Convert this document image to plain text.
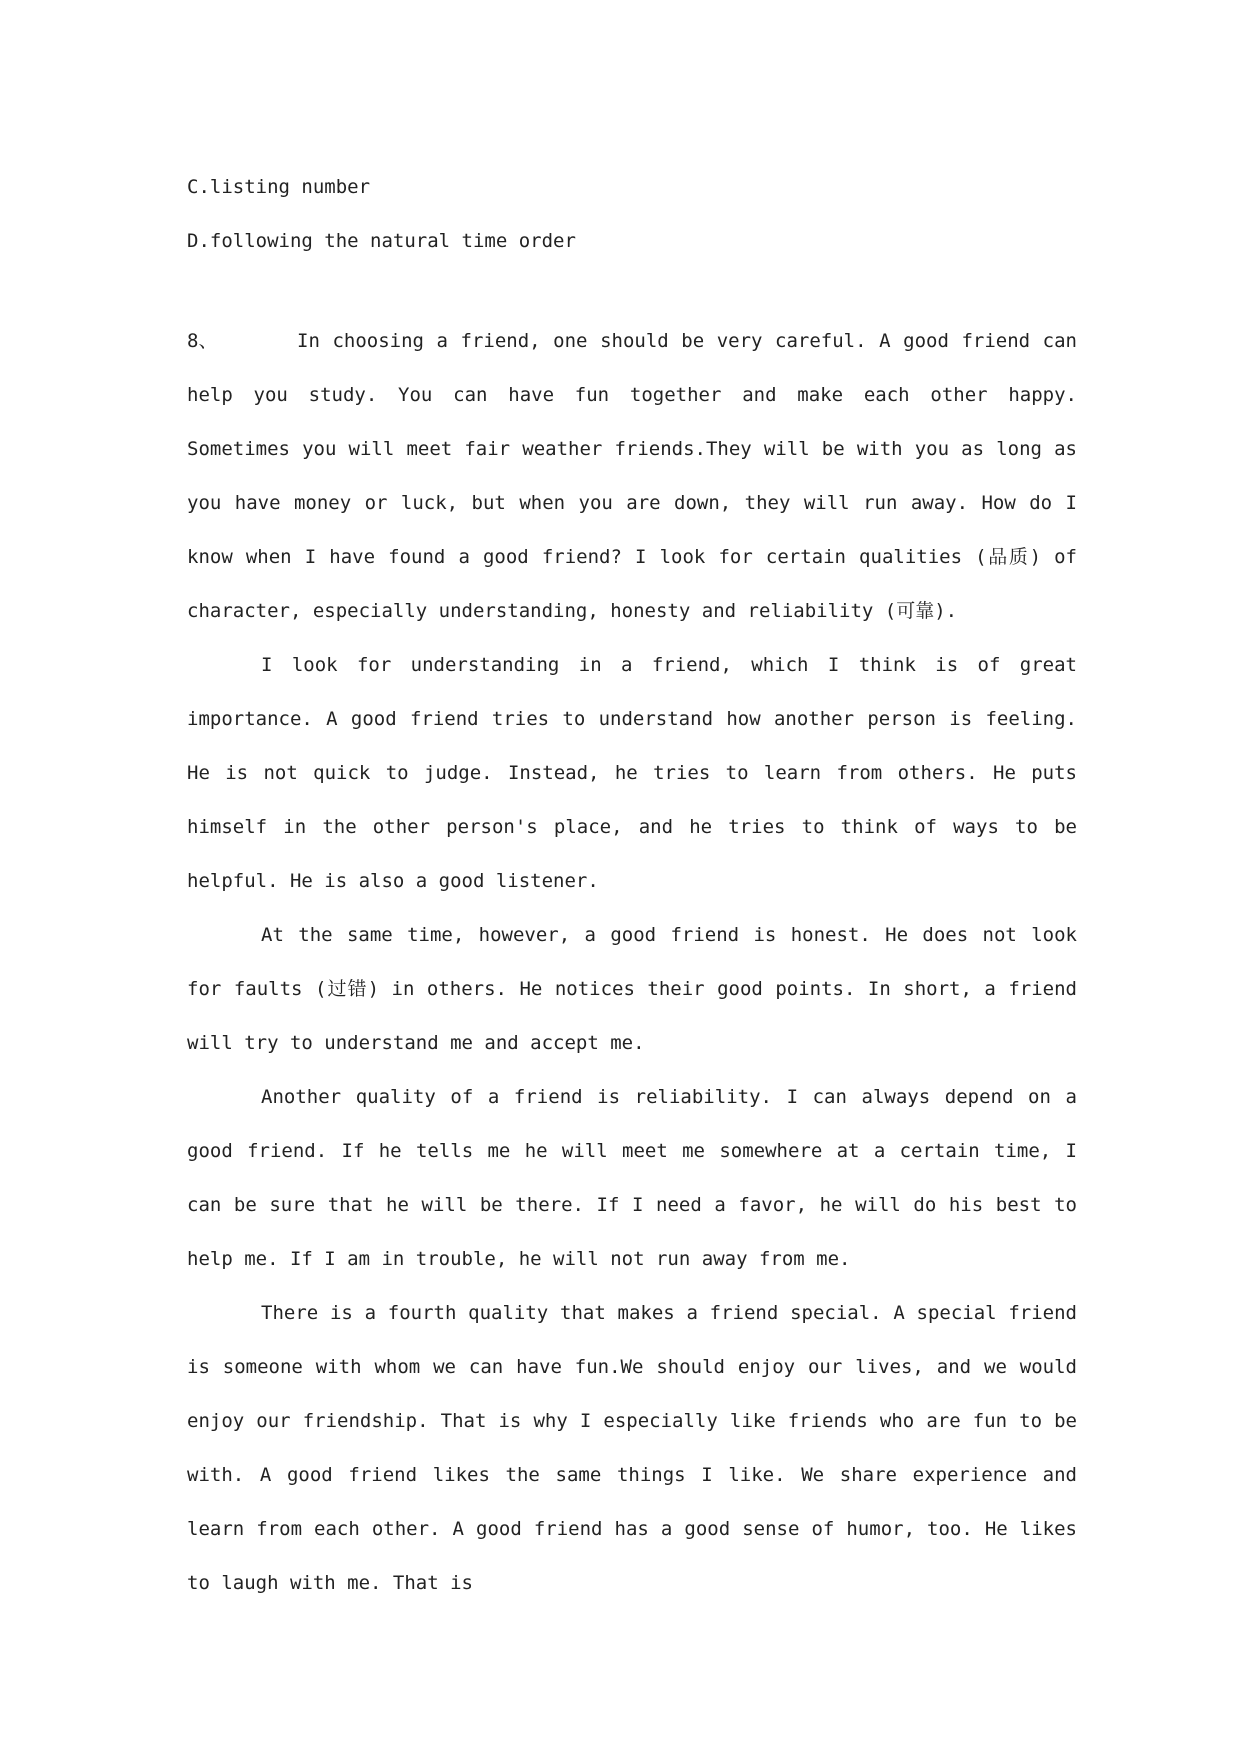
C.listing number

D.following the natural time order

8、	In choosing a friend, one should be very careful. A good friend can help you study. You can have fun together and make each other happy. Sometimes you will meet fair weather friends.They will be with you as long as you have money or luck, but when you are down, they will run away. How do I know when I have found a good friend? I look for certain qualities (品质) of character, especially understanding, honesty and reliability (可靠).

I look for understanding in a friend, which I think is of great importance. A good friend tries to understand how another person is feeling. He is not quick to judge. Instead, he tries to learn from others. He puts himself in the other person's place, and he tries to think of ways to be helpful. He is also a good listener.

At the same time, however, a good friend is honest. He does not look for faults (过错) in others. He notices their good points. In short, a friend will try to understand me and accept me.

Another quality of a friend is reliability. I can always depend on a good friend. If he tells me he will meet me somewhere at a certain time, I can be sure that he will be there. If I need a favor, he will do his best to help me. If I am in trouble, he will not run away from me.

There is a fourth quality that makes a friend special. A special friend is someone with whom we can have fun.We should enjoy our lives, and we would enjoy our friendship. That is why I especially like friends who are fun to be with. A good friend likes the same things I like. We share experience and learn from each other. A good friend has a good sense of humor, too. He likes to laugh with me. That is
